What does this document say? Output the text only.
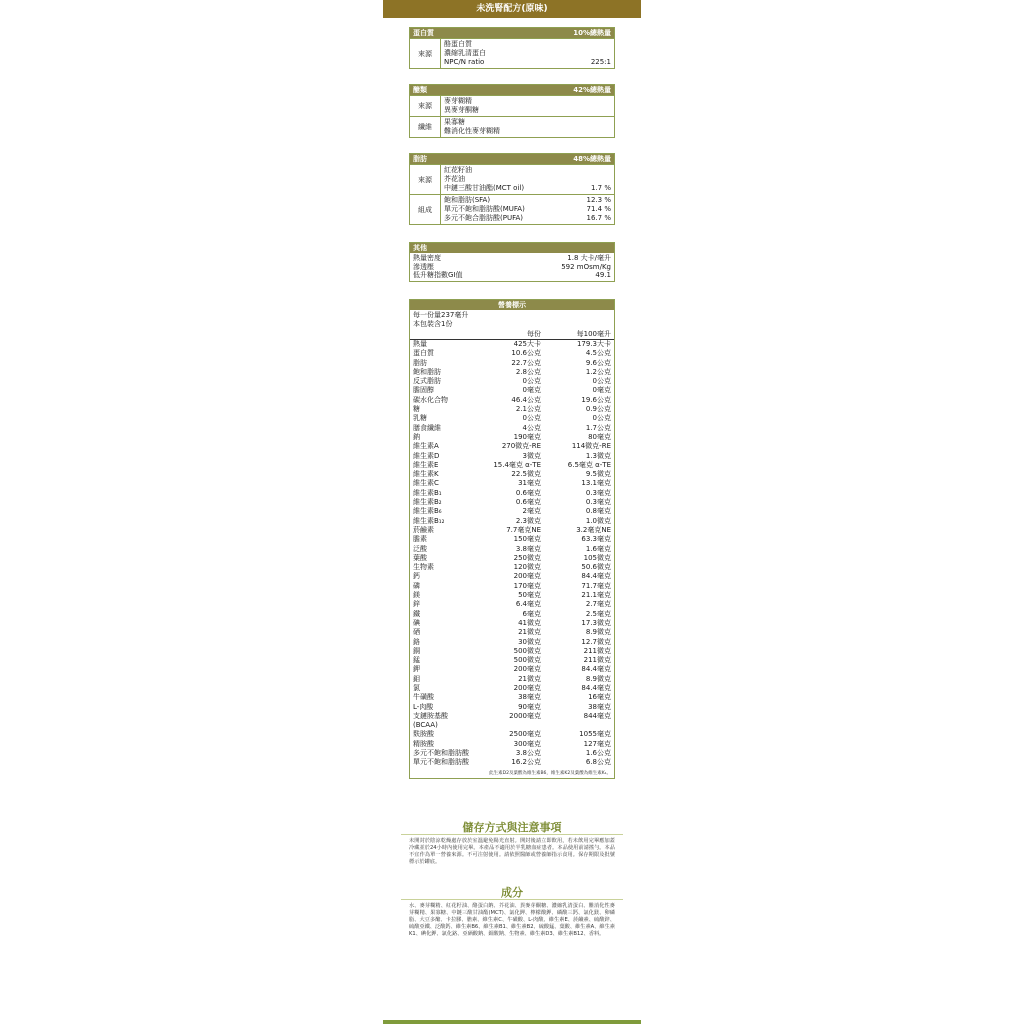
未洗腎配方(原味)
蛋白質	10%總熱量
來源
酪蛋白質
濃縮乳清蛋白
NPC/N ratio	225:1
醣類	42%總熱量
來源
麥芽糊精
異麥芽酮糖
纖維
果寡糖
難消化性麥芽糊精
脂肪	48%總熱量
來源
紅花籽油
芥花油
中鏈三酸甘油酯(MCT oil)	1.7 %
組成
飽和脂肪(SFA)	12.3 %
單元不飽和脂肪酸(MUFA)	71.4 %
多元不飽合脂肪酸(PUFA)	16.7 %
其他
熱量密度	1.8 大卡/毫升
滲透壓	592 mOsm/Kg
低升糖指數GI值	49.1
營養標示
每一份量237毫升
本包裝含1份
每份	每100毫升
熱量	425大卡	179.3大卡
蛋白質	10.6公克	4.5公克
脂肪	22.7公克	9.6公克
飽和脂肪	2.8公克	1.2公克
反式脂肪	0公克	0公克
膽固醇	0毫克	0毫克
碳水化合物	46.4公克	19.6公克
糖	2.1公克	0.9公克
乳糖	0公克	0公克
膳食纖維	4公克	1.7公克
鈉	190毫克	80毫克
維生素A	270微克-RE	114微克-RE
維生素D	3微克	1.3微克
維生素E	15.4毫克 α-TE	6.5毫克 α-TE
維生素K	22.5微克	9.5微克
維生素C	31毫克	13.1毫克
維生素B₁	0.6毫克	0.3毫克
維生素B₂	0.6毫克	0.3毫克
維生素B₆	2毫克	0.8毫克
維生素B₁₂	2.3微克	1.0微克
菸鹼素	7.7毫克NE	3.2毫克NE
膽素	150毫克	63.3毫克
泛酸	3.8毫克	1.6毫克
葉酸	250微克	105微克
生物素	120微克	50.6微克
鈣	200毫克	84.4毫克
磷	170毫克	71.7毫克
鎂	50毫克	21.1毫克
鋅	6.4毫克	2.7毫克
鐵	6毫克	2.5毫克
碘	41微克	17.3微克
硒	21微克	8.9微克
鉻	30微克	12.7微克
銅	500微克	211微克
錳	500微克	211微克
鉀	200毫克	84.4毫克
鉬	21微克	8.9微克
氯	200毫克	84.4毫克
牛磺酸	38毫克	16毫克
L-肉酸	90毫克	38毫克
支鏈胺基酸	2000毫克	844毫克
(BCAA)
麩胺酸	2500毫克	1055毫克
精胺酸	300毫克	127毫克
多元不飽和脂肪酸	3.8公克	1.6公克
單元不飽和脂肪酸	16.2公克	6.8公克
此生素D2及葉酸為維生素B6，維生素K2及葉酸為維生素K₁。
儲存方式與注意事項
未開封於陰涼乾燥處存放於室溫避免陽光直射。開封後請立即飲用，若未飲用完畢應加蓋冷藏並於24小時內使用完畢。本產品不適用於半乳糖血症患者。本品使用前請搖勻。本品不宜作為單一營養來源。不可注射使用。請依照醫師或營養師指示食用。保存期限及批號標示於罐底。
成分
水、麥芽糊精、紅花籽油、酪蛋白鈉、芥花油、異麥芽酮糖、濃縮乳清蛋白、難消化性麥芽糊精、果寡糖、中鏈三酸甘油酯(MCT)、氯化鉀、檸檬酸鉀、磷酸三鈣、氯化鎂、卵磷脂、大豆多醣、卡拉膠、膽素、維生素C、牛磺酸、L-肉酸、維生素E、菸鹼素、硫酸鋅、硫酸亞鐵、泛酸鈣、維生素B6、維生素B1、維生素B2、硫酸錳、葉酸、維生素A、維生素K1、碘化鉀、氯化鉻、亞硒酸鈉、鉬酸鈉、生物素、維生素D3、維生素B12、香料。
